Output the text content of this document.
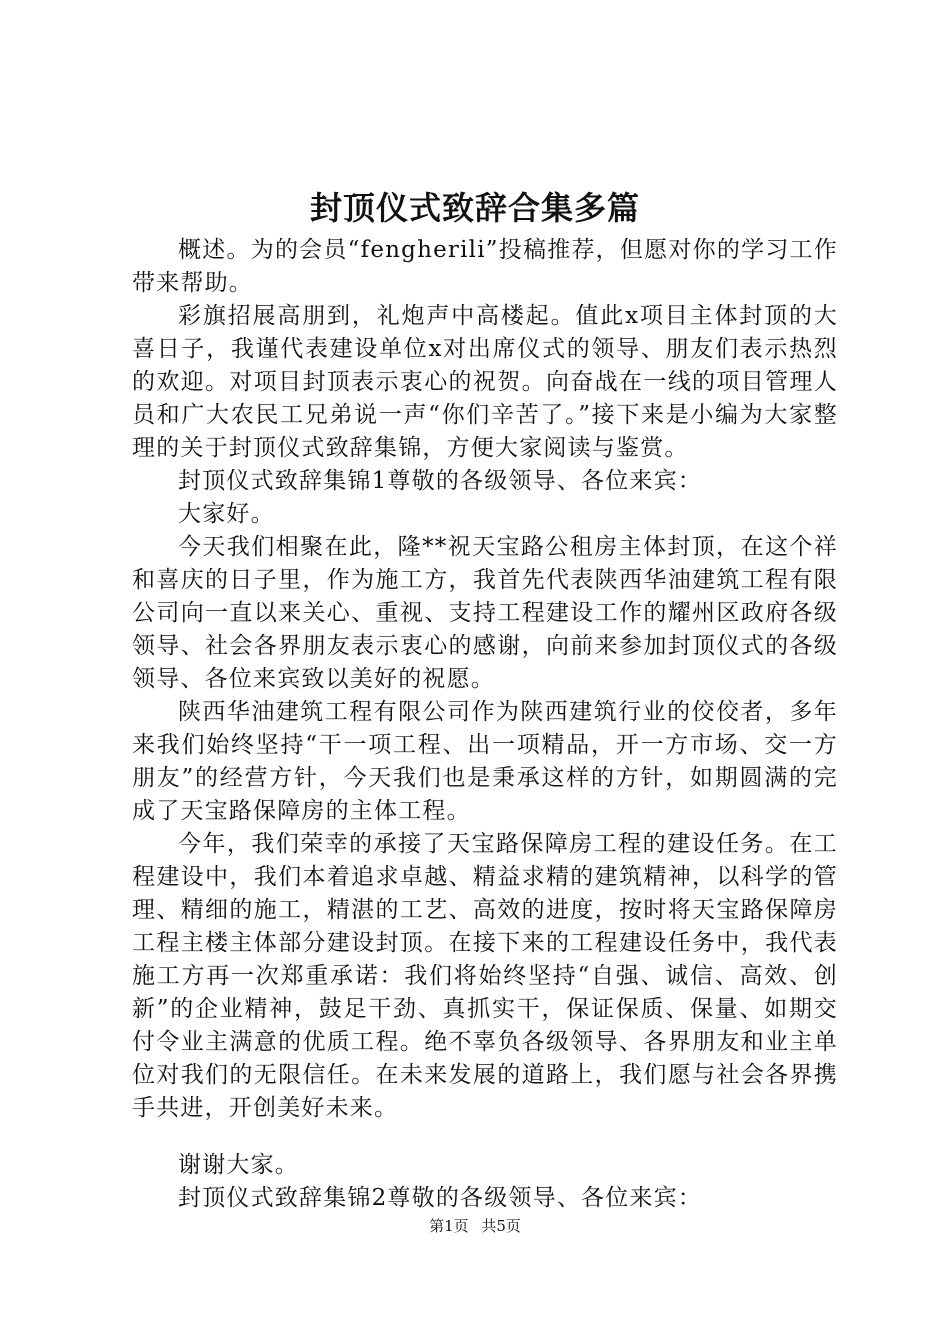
封顶仪式致辞合集多篇

概述。为的会员“fengherili”投稿推荐，但愿对你的学习工作带来帮助。

彩旗招展高朋到，礼炮声中高楼起。值此x项目主体封顶的大喜日子，我谨代表建设单位x对出席仪式的领导、朋友们表示热烈的欢迎。对项目封顶表示衷心的祝贺。向奋战在一线的项目管理人员和广大农民工兄弟说一声“你们辛苦了。”接下来是小编为大家整理的关于封顶仪式致辞集锦，方便大家阅读与鉴赏。

封顶仪式致辞集锦1尊敬的各级领导、各位来宾：

大家好。

今天我们相聚在此，隆**祝天宝路公租房主体封顶，在这个祥和喜庆的日子里，作为施工方，我首先代表陕西华油建筑工程有限公司向一直以来关心、重视、支持工程建设工作的耀州区政府各级领导、社会各界朋友表示衷心的感谢，向前来参加封顶仪式的各级领导、各位来宾致以美好的祝愿。

陕西华油建筑工程有限公司作为陕西建筑行业的佼佼者，多年来我们始终坚持“干一项工程、出一项精品，开一方市场、交一方朋友”的经营方针，今天我们也是秉承这样的方针，如期圆满的完成了天宝路保障房的主体工程。

今年，我们荣幸的承接了天宝路保障房工程的建设任务。在工程建设中，我们本着追求卓越、精益求精的建筑精神，以科学的管理、精细的施工，精湛的工艺、高效的进度，按时将天宝路保障房工程主楼主体部分建设封顶。在接下来的工程建设任务中，我代表施工方再一次郑重承诺：我们将始终坚持“自强、诚信、高效、创新”的企业精神，鼓足干劲、真抓实干，保证保质、保量、如期交付令业主满意的优质工程。绝不辜负各级领导、各界朋友和业主单位对我们的无限信任。在未来发展的道路上，我们愿与社会各界携手共进，开创美好未来。

谢谢大家。

封顶仪式致辞集锦2尊敬的各级领导、各位来宾：

第1页 共5页
